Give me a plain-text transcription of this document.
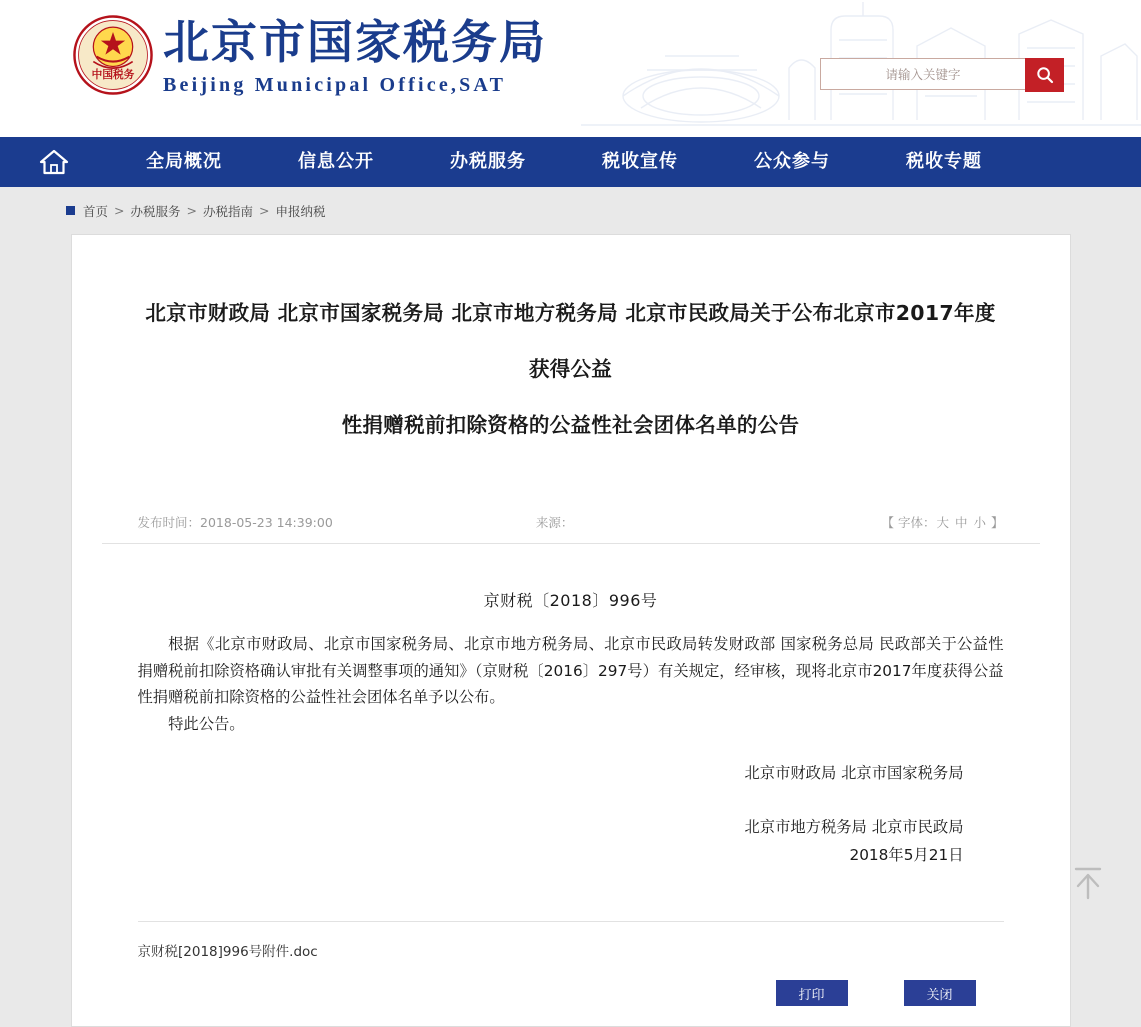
中国税务
北京市国家税务局
Beijing Municipal Office,SAT
请输入关键字
全局概况	信息公开	办税服务	税收宣传	公众参与	税收专题
首页 > 办税服务 > 办税指南 > 申报纳税
北京市财政局 北京市国家税务局 北京市地方税务局 北京市民政局关于公布北京市2017年度获得公益
性捐赠税前扣除资格的公益性社会团体名单的公告
发布时间：2018-05-23 14:39:00	来源：	【 字体：大 中 小 】
京财税〔2018〕996号
根据《北京市财政局、北京市国家税务局、北京市地方税务局、北京市民政局转发财政部 国家税务总局 民政部关于公益性捐赠税前扣除资格确认审批有关调整事项的通知》（京财税〔2016〕297号）有关规定，经审核，现将北京市2017年度获得公益性捐赠税前扣除资格的公益性社会团体名单予以公布。
特此公告。
北京市财政局 北京市国家税务局
北京市地方税务局 北京市民政局
2018年5月21日
京财税[2018]996号附件.doc
打印	关闭
